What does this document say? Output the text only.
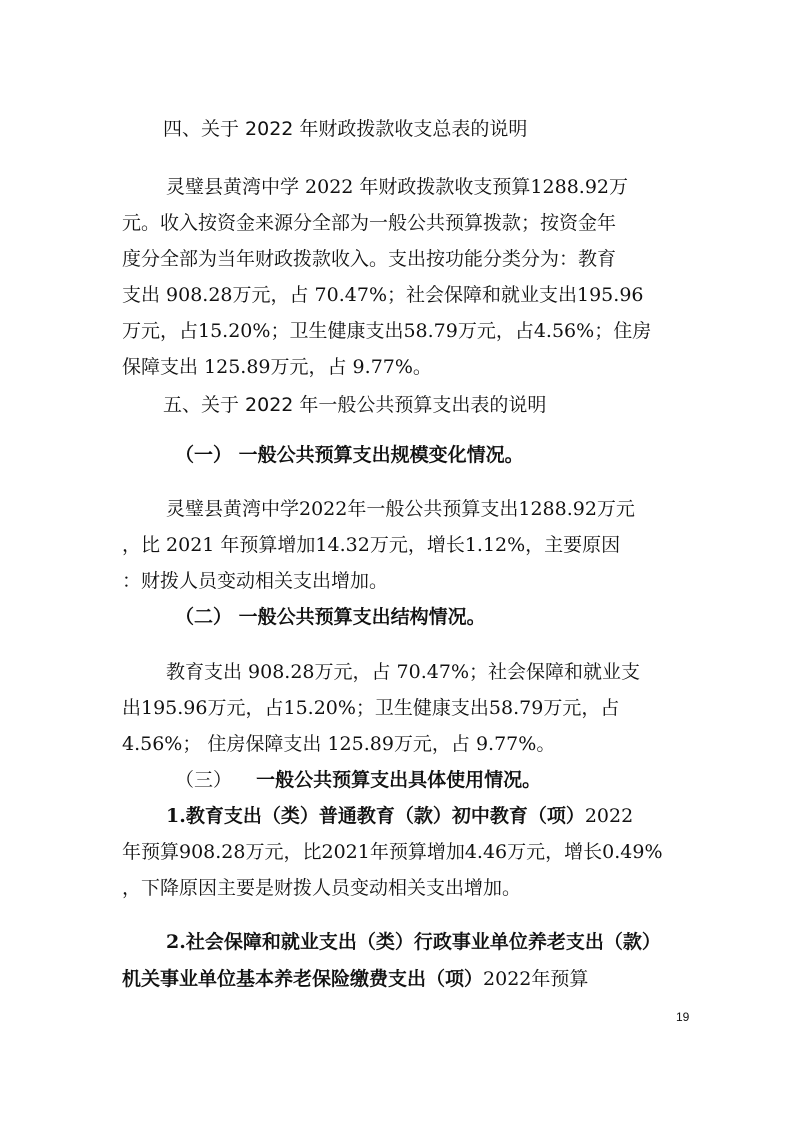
四、关于 2022 年财政拨款收支总表的说明
灵璧县黄湾中学 2022 年财政拨款收支预算1288.92万
元。收入按资金来源分全部为一般公共预算拨款；按资金年
度分全部为当年财政拨款收入。支出按功能分类分为：教育
支出 908.28万元，占 70.47%；社会保障和就业支出195.96
万元，占15.20%；卫生健康支出58.79万元，占4.56%；住房
保障支出 125.89万元，占 9.77%。
五、关于 2022 年一般公共预算支出表的说明
（一） 一般公共预算支出规模变化情况。
灵璧县黄湾中学2022年一般公共预算支出1288.92万元
，比 2021 年预算增加14.32万元，增长1.12%，主要原因
：财拨人员变动相关支出增加。
（二） 一般公共预算支出结构情况。
教育支出 908.28万元，占 70.47%；社会保障和就业支
出195.96万元，占15.20%；卫生健康支出58.79万元，占
4.56%； 住房保障支出 125.89万元，占 9.77%。
（三） 一般公共预算支出具体使用情况。
1.教育支出（类）普通教育（款）初中教育（项）2022
年预算908.28万元，比2021年预算增加4.46万元，增长0.49%
，下降原因主要是财拨人员变动相关支出增加。
2.社会保障和就业支出（类）行政事业单位养老支出（款）
机关事业单位基本养老保险缴费支出（项）2022年预算
19
